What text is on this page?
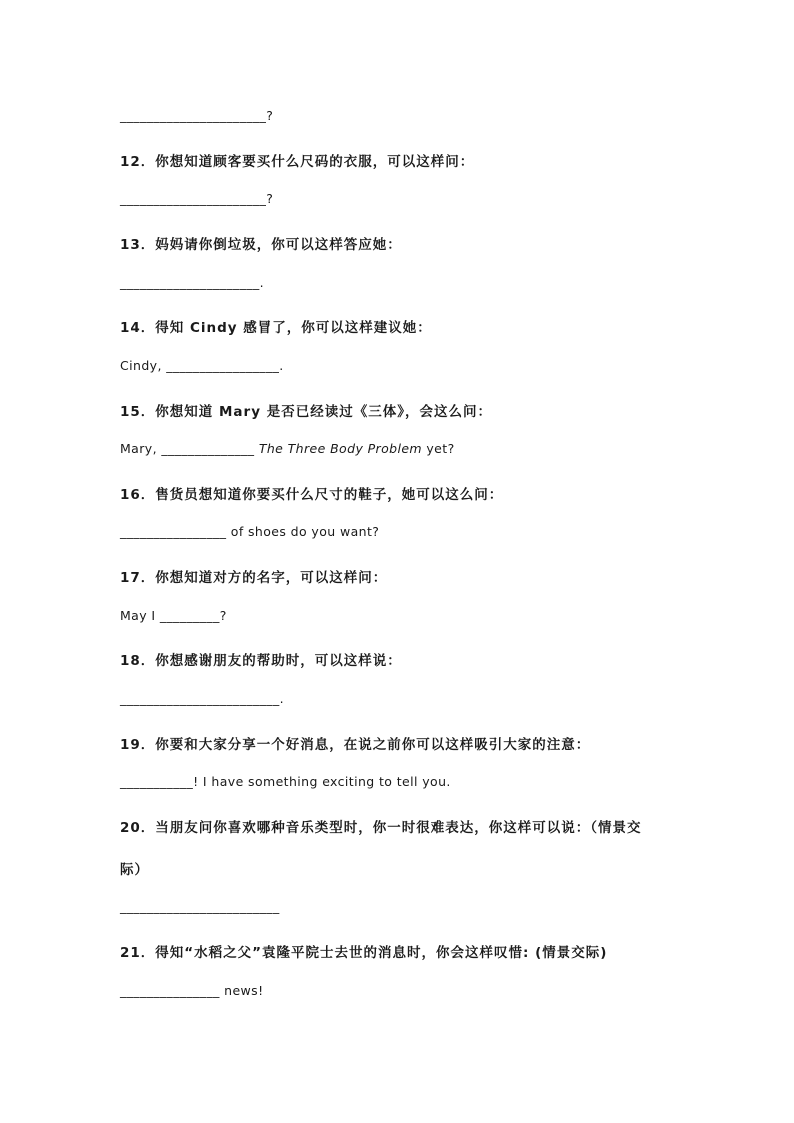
______________________?
12．你想知道顾客要买什么尺码的衣服，可以这样问：
______________________?
13．妈妈请你倒垃圾，你可以这样答应她：
_____________________.
14．得知 Cindy 感冒了，你可以这样建议她：
Cindy, _________________.
15．你想知道 Mary 是否已经读过《三体》，会这么问：
Mary, ______________ The Three Body Problem yet?
16．售货员想知道你要买什么尺寸的鞋子，她可以这么问：
________________ of shoes do you want?
17．你想知道对方的名字，可以这样问：
May I _________?
18．你想感谢朋友的帮助时，可以这样说：
________________________.
19．你要和大家分享一个好消息，在说之前你可以这样吸引大家的注意：
___________! I have something exciting to tell you.
20．当朋友问你喜欢哪种音乐类型时，你一时很难表达，你这样可以说：（情景交
际）
________________________
21．得知“水稻之父”袁隆平院士去世的消息时，你会这样叹惜: (情景交际)
_______________ news!
